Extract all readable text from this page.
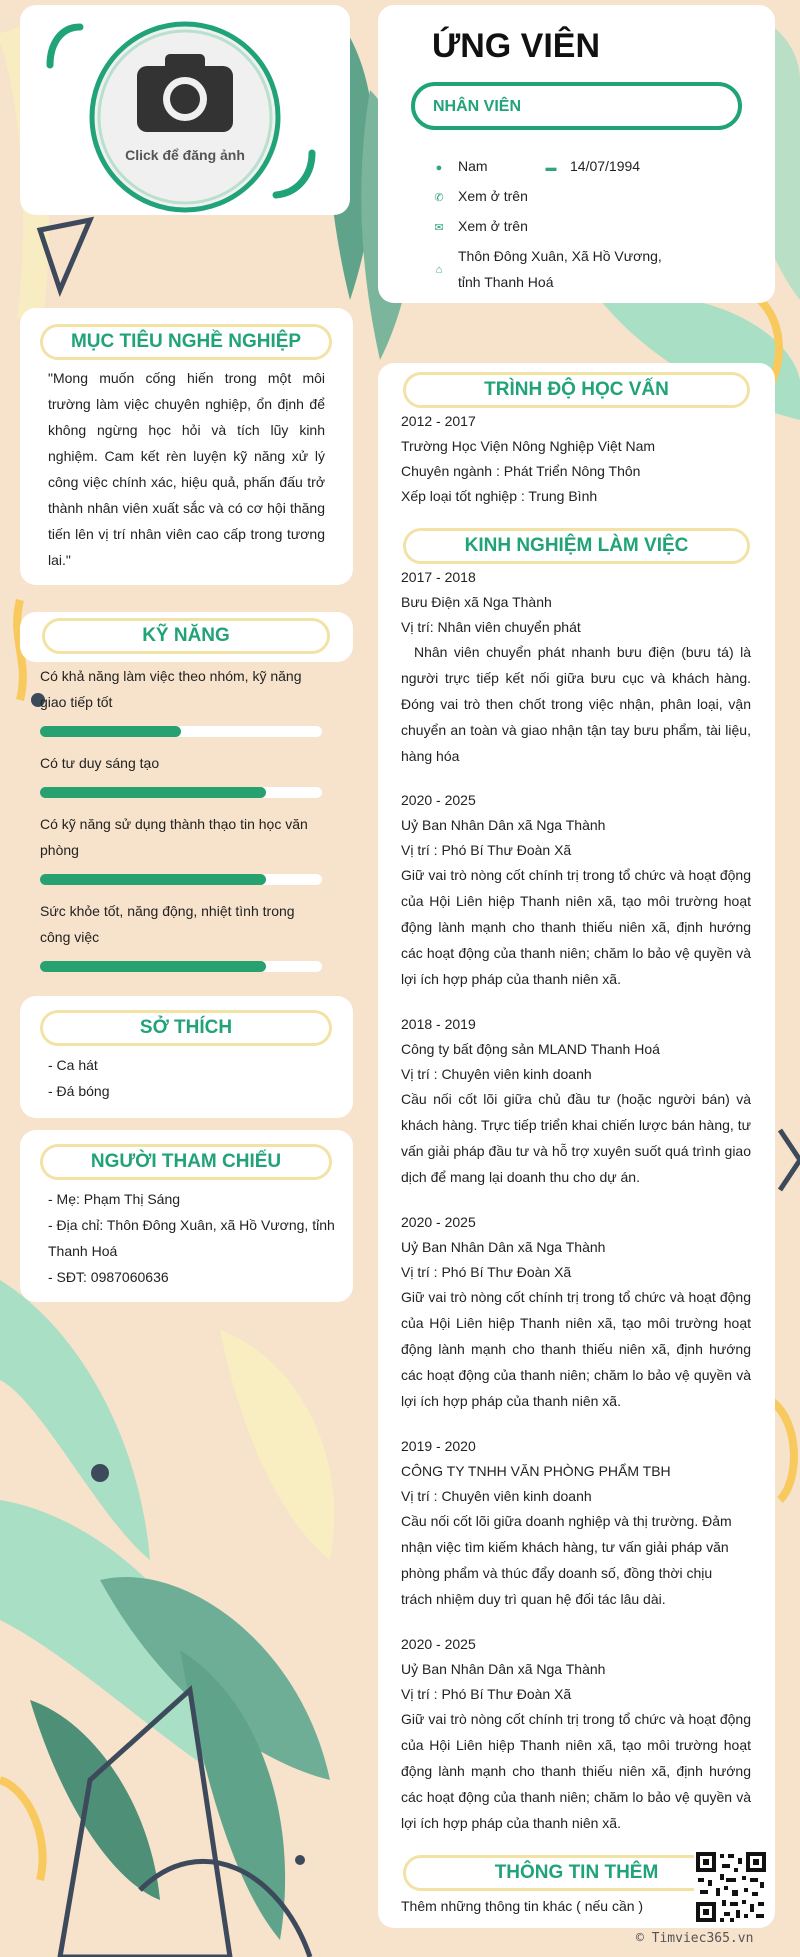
Click để đăng ảnh
ỨNG VIÊN
NHÂN VIÊN
● Nam	▬ 14/07/1994
✆ Xem ở trên
✉ Xem ở trên
⌂
Thôn Đông Xuân, Xã Hồ Vương, tỉnh Thanh Hoá
MỤC TIÊU NGHỀ NGHIỆP
"Mong muốn cống hiến trong một môi trường làm việc chuyên nghiệp, ổn định để không ngừng học hỏi và tích lũy kinh nghiệm. Cam kết rèn luyện kỹ năng xử lý công việc chính xác, hiệu quả, phấn đấu trở thành nhân viên xuất sắc và có cơ hội thăng tiến lên vị trí nhân viên cao cấp trong tương lai."
KỸ NĂNG
Có khả năng làm việc theo nhóm, kỹ năng giao tiếp tốt
Có tư duy sáng tạo
Có kỹ năng sử dụng thành thạo tin học văn phòng
Sức khỏe tốt, năng động, nhiệt tình trong công việc
SỞ THÍCH
- Ca hát
- Đá bóng
NGƯỜI THAM CHIẾU
- Mẹ: Phạm Thị Sáng
- Địa chỉ: Thôn Đông Xuân, xã Hồ Vương, tỉnh Thanh Hoá
- SĐT: 0987060636
TRÌNH ĐỘ HỌC VẤN
2012 - 2017
Trường Học Viện Nông Nghiệp Việt Nam
Chuyên ngành : Phát Triển Nông Thôn
Xếp loại tốt nghiệp : Trung Bình
KINH NGHIỆM LÀM VIỆC
2017 - 2018
Bưu Điện xã Nga Thành
Vị trí: Nhân viên chuyển phát
Nhân viên chuyển phát nhanh bưu điện (bưu tá) là người trực tiếp kết nối giữa bưu cục và khách hàng. Đóng vai trò then chốt trong việc nhận, phân loại, vận chuyển an toàn và giao nhận tận tay bưu phẩm, tài liệu, hàng hóa
2020 - 2025
Uỷ Ban Nhân Dân xã Nga Thành
Vị trí : Phó Bí Thư Đoàn Xã
Giữ vai trò nòng cốt chính trị trong tổ chức và hoạt động của Hội Liên hiệp Thanh niên xã, tạo môi trường hoạt động lành mạnh cho thanh thiếu niên xã, định hướng các hoạt động của thanh niên; chăm lo bảo vệ quyền và lợi ích hợp pháp của thanh niên xã.
2018 - 2019
Công ty bất động sản MLAND Thanh Hoá
Vị trí : Chuyên viên kinh doanh
Cầu nối cốt lõi giữa chủ đầu tư (hoặc người bán) và khách hàng. Trực tiếp triển khai chiến lược bán hàng, tư vấn giải pháp đầu tư và hỗ trợ xuyên suốt quá trình giao dịch để mang lại doanh thu cho dự án.
2020 - 2025
Uỷ Ban Nhân Dân xã Nga Thành
Vị trí : Phó Bí Thư Đoàn Xã
Giữ vai trò nòng cốt chính trị trong tổ chức và hoạt động của Hội Liên hiệp Thanh niên xã, tạo môi trường hoạt động lành mạnh cho thanh thiếu niên xã, định hướng các hoạt động của thanh niên; chăm lo bảo vệ quyền và lợi ích hợp pháp của thanh niên xã.
2019 - 2020
CÔNG TY TNHH VĂN PHÒNG PHẨM TBH
Vị trí : Chuyên viên kinh doanh
Cầu nối cốt lõi giữa doanh nghiệp và thị trường. Đảm nhận việc tìm kiếm khách hàng, tư vấn giải pháp văn phòng phẩm và thúc đẩy doanh số, đồng thời chịu trách nhiệm duy trì quan hệ đối tác lâu dài.
2020 - 2025
Uỷ Ban Nhân Dân xã Nga Thành
Vị trí : Phó Bí Thư Đoàn Xã
Giữ vai trò nòng cốt chính trị trong tổ chức và hoạt động của Hội Liên hiệp Thanh niên xã, tạo môi trường hoạt động lành mạnh cho thanh thiếu niên xã, định hướng các hoạt động của thanh niên; chăm lo bảo vệ quyền và lợi ích hợp pháp của thanh niên xã.
THÔNG TIN THÊM
Thêm những thông tin khác ( nếu cần )
© Timviec365.vn
